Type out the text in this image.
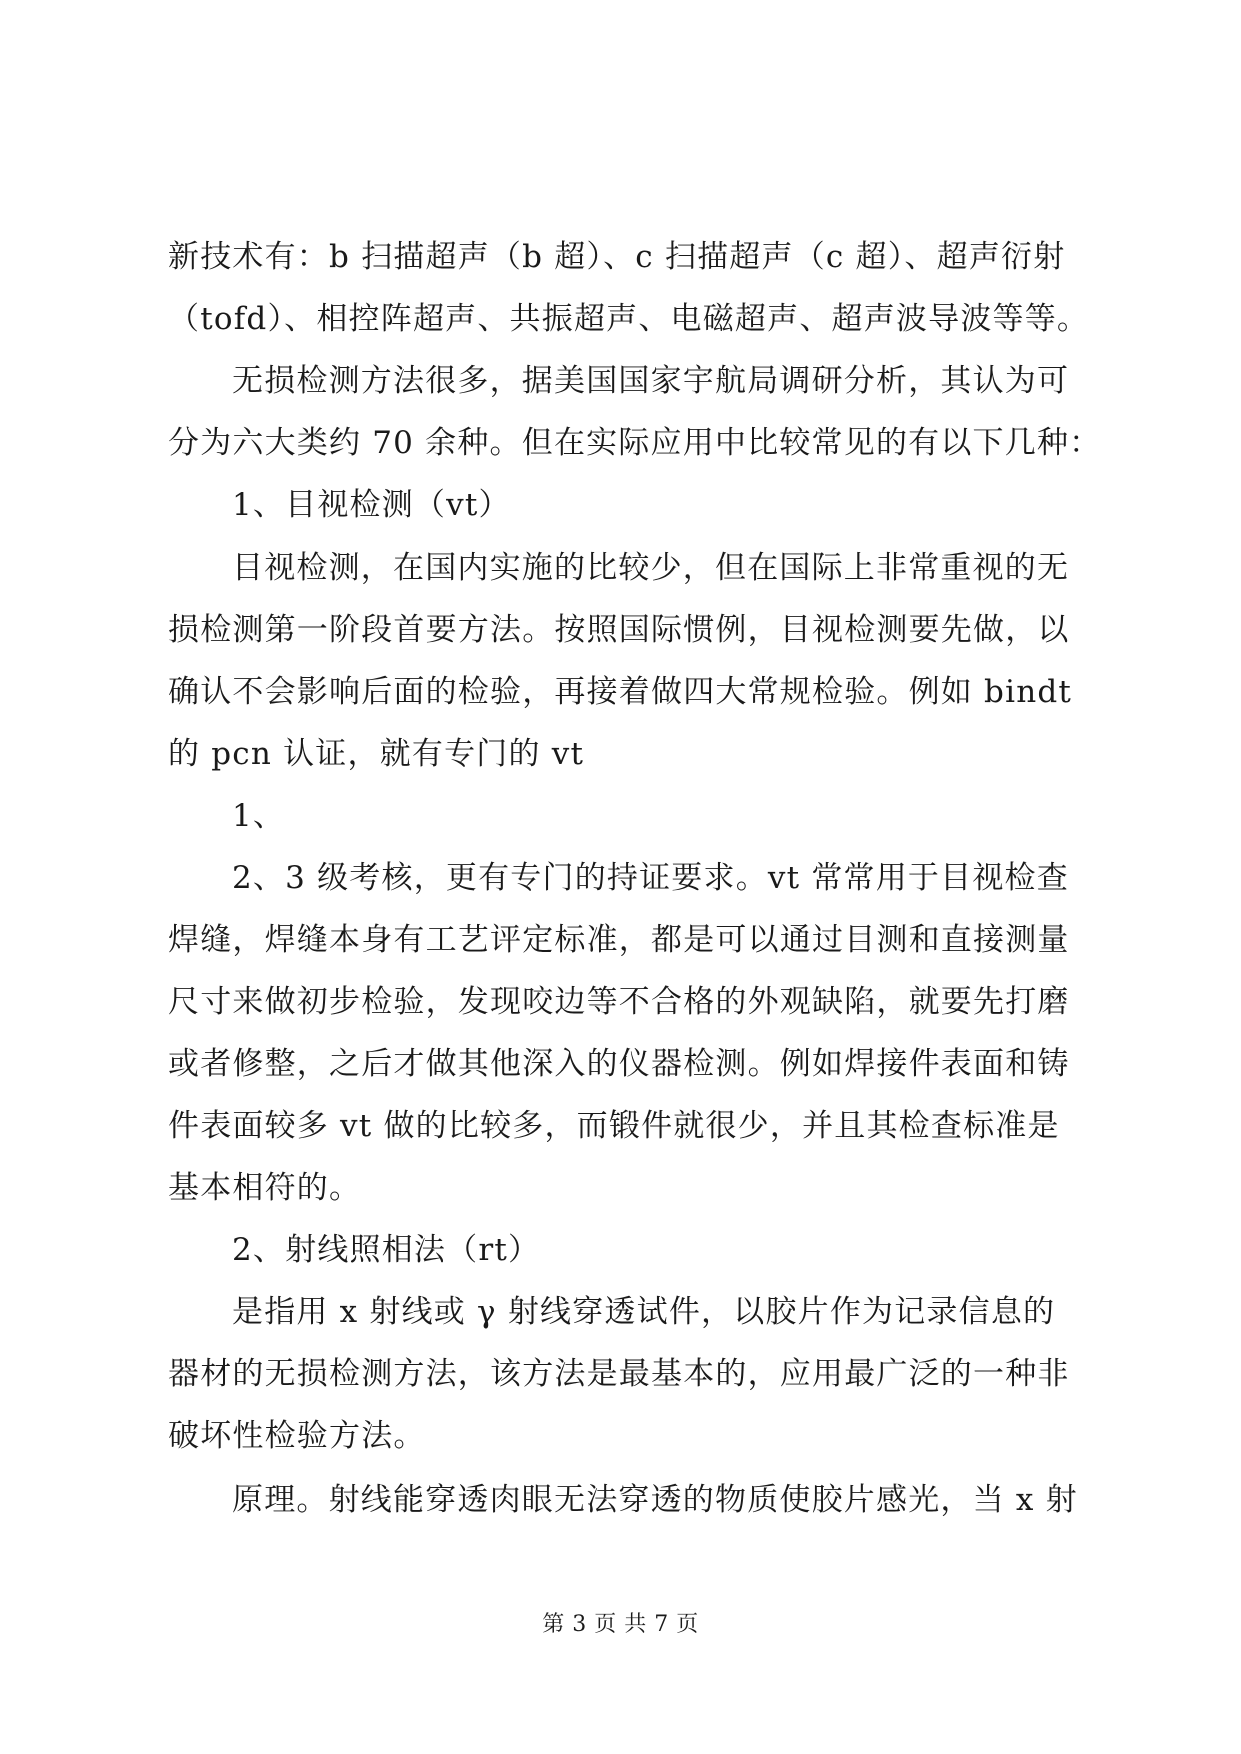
新技术有：b 扫描超声（b 超）、c 扫描超声（c 超）、超声衍射
（tofd）、相控阵超声、共振超声、电磁超声、超声波导波等等。
无损检测方法很多，据美国国家宇航局调研分析，其认为可
分为六大类约 70 余种。但在实际应用中比较常见的有以下几种：
1、目视检测（vt）
目视检测，在国内实施的比较少，但在国际上非常重视的无
损检测第一阶段首要方法。按照国际惯例，目视检测要先做，以
确认不会影响后面的检验，再接着做四大常规检验。例如 bindt
的 pcn 认证，就有专门的 vt
1、
2、3 级考核，更有专门的持证要求。vt 常常用于目视检查
焊缝，焊缝本身有工艺评定标准，都是可以通过目测和直接测量
尺寸来做初步检验，发现咬边等不合格的外观缺陷，就要先打磨
或者修整，之后才做其他深入的仪器检测。例如焊接件表面和铸
件表面较多 vt 做的比较多，而锻件就很少，并且其检查标准是
基本相符的。
2、射线照相法（rt）
是指用 x 射线或 γ 射线穿透试件，以胶片作为记录信息的
器材的无损检测方法，该方法是最基本的，应用最广泛的一种非
破坏性检验方法。
原理。射线能穿透肉眼无法穿透的物质使胶片感光，当 x 射
第 3 页 共 7 页
